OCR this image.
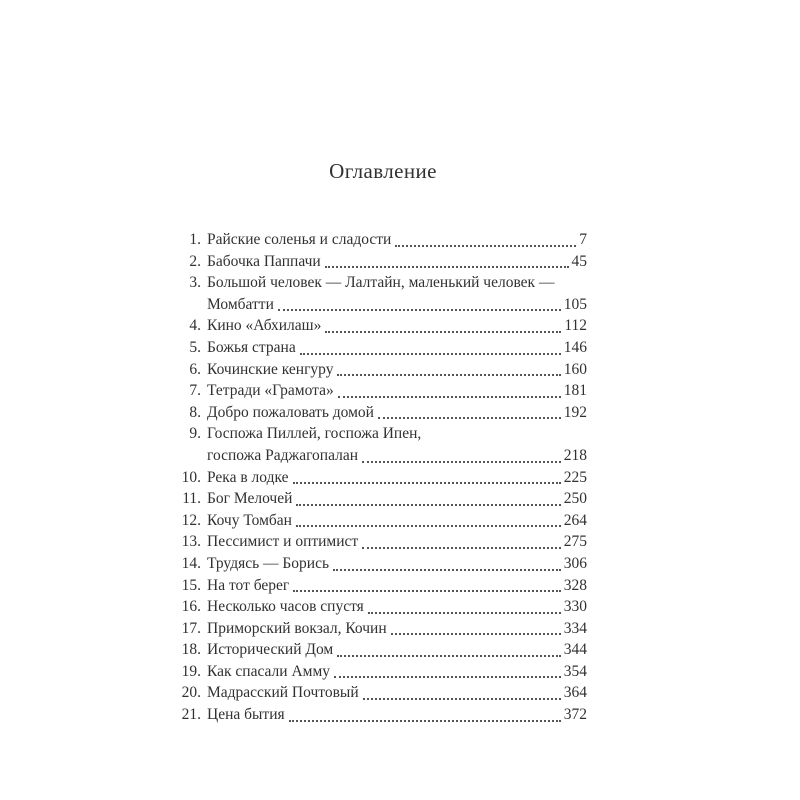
Оглавление
1. Райские соленья и сладости	7
2. Бабочка Паппачи	45
3. Большой человек — Лалтайн, маленький человек —
Момбатти	105
4. Кино «Абхилаш»	112
5. Божья страна	146
6. Кочинские кенгуру	160
7. Тетради «Грамота»	181
8. Добро пожаловать домой	192
9. Госпожа Пиллей, госпожа Ипен,
госпожа Раджагопалан	218
10. Река в лодке	225
11. Бог Мелочей	250
12. Кочу Томбан	264
13. Пессимист и оптимист	275
14. Трудясь — Борись	306
15. На тот берег	328
16. Несколько часов спустя	330
17. Приморский вокзал, Кочин	334
18. Исторический Дом	344
19. Как спасали Амму	354
20. Мадрасский Почтовый	364
21. Цена бытия	372
